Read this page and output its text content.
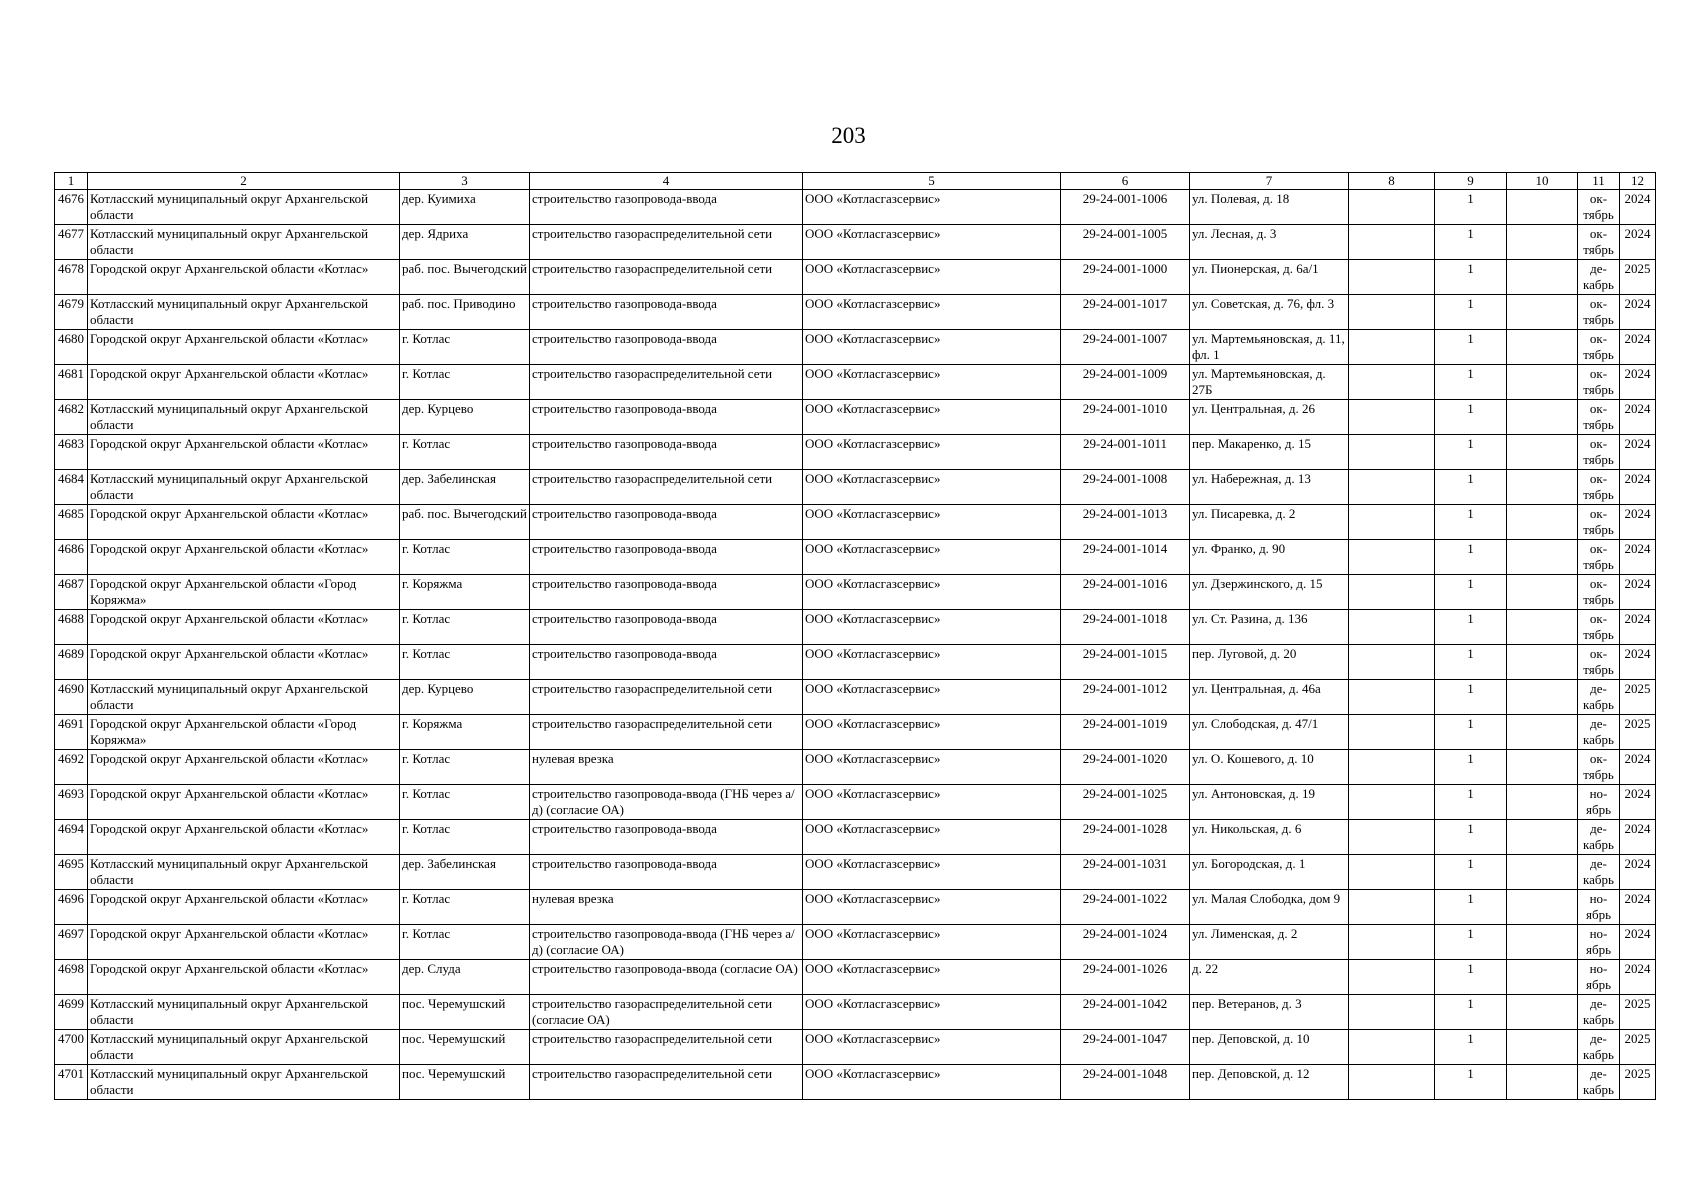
203
1	2	3	4	5	6	7	8	9	10	11	12
4676	Котласский муниципальный округ Архангельской области	дер. Куимиха	строительство газопровода-ввода	ООО «Котласгазсервис»	29-24-001-1006	ул. Полевая, д. 18		1		ок-тябрь	2024
4677	Котласский муниципальный округ Архангельской области	дер. Ядриха	строительство газораспределительной сети	ООО «Котласгазсервис»	29-24-001-1005	ул. Лесная, д. 3		1		ок-тябрь	2024
4678	Городской округ Архангельской области «Котлас»	раб. пос. Вычегодский	строительство газораспределительной сети	ООО «Котласгазсервис»	29-24-001-1000	ул. Пионерская, д. 6а/1		1		де-кабрь	2025
4679	Котласский муниципальный округ Архангельской области	раб. пос. Приводино	строительство газопровода-ввода	ООО «Котласгазсервис»	29-24-001-1017	ул. Советская, д. 76, фл. 3		1		ок-тябрь	2024
4680	Городской округ Архангельской области «Котлас»	г. Котлас	строительство газопровода-ввода	ООО «Котласгазсервис»	29-24-001-1007	ул. Мартемьяновская, д. 11, фл. 1		1		ок-тябрь	2024
4681	Городской округ Архангельской области «Котлас»	г. Котлас	строительство газораспределительной сети	ООО «Котласгазсервис»	29-24-001-1009	ул. Мартемьяновская, д. 27Б		1		ок-тябрь	2024
4682	Котласский муниципальный округ Архангельской области	дер. Курцево	строительство газопровода-ввода	ООО «Котласгазсервис»	29-24-001-1010	ул. Центральная, д. 26		1		ок-тябрь	2024
4683	Городской округ Архангельской области «Котлас»	г. Котлас	строительство газопровода-ввода	ООО «Котласгазсервис»	29-24-001-1011	пер. Макаренко, д. 15		1		ок-тябрь	2024
4684	Котласский муниципальный округ Архангельской области	дер. Забелинская	строительство газораспределительной сети	ООО «Котласгазсервис»	29-24-001-1008	ул. Набережная, д. 13		1		ок-тябрь	2024
4685	Городской округ Архангельской области «Котлас»	раб. пос. Вычегодский	строительство газопровода-ввода	ООО «Котласгазсервис»	29-24-001-1013	ул. Писаревка, д. 2		1		ок-тябрь	2024
4686	Городской округ Архангельской области «Котлас»	г. Котлас	строительство газопровода-ввода	ООО «Котласгазсервис»	29-24-001-1014	ул. Франко, д. 90		1		ок-тябрь	2024
4687	Городской округ Архангельской области «Город Коряжма»	г. Коряжма	строительство газопровода-ввода	ООО «Котласгазсервис»	29-24-001-1016	ул. Дзержинского, д. 15		1		ок-тябрь	2024
4688	Городской округ Архангельской области «Котлас»	г. Котлас	строительство газопровода-ввода	ООО «Котласгазсервис»	29-24-001-1018	ул. Ст. Разина, д. 136		1		ок-тябрь	2024
4689	Городской округ Архангельской области «Котлас»	г. Котлас	строительство газопровода-ввода	ООО «Котласгазсервис»	29-24-001-1015	пер. Луговой, д. 20		1		ок-тябрь	2024
4690	Котласский муниципальный округ Архангельской области	дер. Курцево	строительство газораспределительной сети	ООО «Котласгазсервис»	29-24-001-1012	ул. Центральная, д. 46а		1		де-кабрь	2025
4691	Городской округ Архангельской области «Город Коряжма»	г. Коряжма	строительство газораспределительной сети	ООО «Котласгазсервис»	29-24-001-1019	ул. Слободская, д. 47/1		1		де-кабрь	2025
4692	Городской округ Архангельской области «Котлас»	г. Котлас	нулевая врезка	ООО «Котласгазсервис»	29-24-001-1020	ул. О. Кошевого, д. 10		1		ок-тябрь	2024
4693	Городской округ Архангельской области «Котлас»	г. Котлас	строительство газопровода-ввода (ГНБ через а/д) (согласие ОА)	ООО «Котласгазсервис»	29-24-001-1025	ул. Антоновская, д. 19		1		но-ябрь	2024
4694	Городской округ Архангельской области «Котлас»	г. Котлас	строительство газопровода-ввода	ООО «Котласгазсервис»	29-24-001-1028	ул. Никольская, д. 6		1		де-кабрь	2024
4695	Котласский муниципальный округ Архангельской области	дер. Забелинская	строительство газопровода-ввода	ООО «Котласгазсервис»	29-24-001-1031	ул. Богородская, д. 1		1		де-кабрь	2024
4696	Городской округ Архангельской области «Котлас»	г. Котлас	нулевая врезка	ООО «Котласгазсервис»	29-24-001-1022	ул. Малая Слободка, дом 9		1		но-ябрь	2024
4697	Городской округ Архангельской области «Котлас»	г. Котлас	строительство газопровода-ввода (ГНБ через а/д) (согласие ОА)	ООО «Котласгазсервис»	29-24-001-1024	ул. Лименская, д. 2		1		но-ябрь	2024
4698	Городской округ Архангельской области «Котлас»	дер. Слуда	строительство газопровода-ввода (согласие ОА)	ООО «Котласгазсервис»	29-24-001-1026	д. 22		1		но-ябрь	2024
4699	Котласский муниципальный округ Архангельской области	пос. Черемушский	строительство газораспределительной сети (согласие ОА)	ООО «Котласгазсервис»	29-24-001-1042	пер. Ветеранов, д. 3		1		де-кабрь	2025
4700	Котласский муниципальный округ Архангельской области	пос. Черемушский	строительство газораспределительной сети	ООО «Котласгазсервис»	29-24-001-1047	пер. Деповской, д. 10		1		де-кабрь	2025
4701	Котласский муниципальный округ Архангельской области	пос. Черемушский	строительство газораспределительной сети	ООО «Котласгазсервис»	29-24-001-1048	пер. Деповской, д. 12		1		де-кабрь	2025
